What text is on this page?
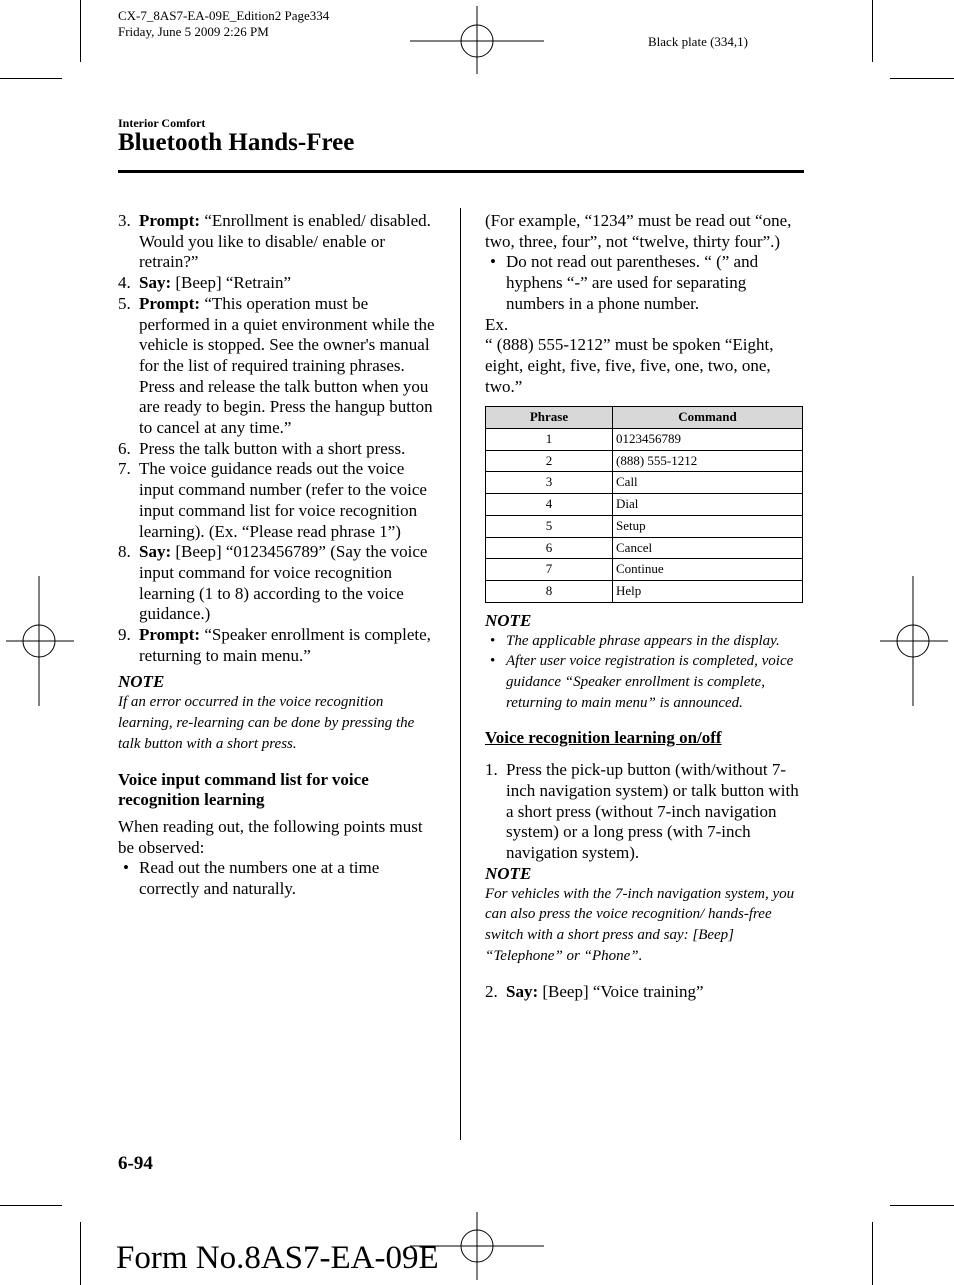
CX-7_8AS7-EA-09E_Edition2 Page334
Friday, June 5 2009 2:26 PM
Black plate (334,1)
Interior Comfort
Bluetooth Hands-Free
3. Prompt: “Enrollment is enabled/ disabled. Would you like to disable/ enable or retrain?”
4. Say: [Beep] “Retrain”
5. Prompt: “This operation must be performed in a quiet environment while the vehicle is stopped. See the owner's manual for the list of required training phrases. Press and release the talk button when you are ready to begin. Press the hangup button to cancel at any time.”
6. Press the talk button with a short press.
7. The voice guidance reads out the voice input command number (refer to the voice input command list for voice recognition learning). (Ex. “Please read phrase 1”)
8. Say: [Beep] “0123456789” (Say the voice input command for voice recognition learning (1 to 8) according to the voice guidance.)
9. Prompt: “Speaker enrollment is complete, returning to main menu.”
NOTE
If an error occurred in the voice recognition learning, re-learning can be done by pressing the talk button with a short press.
Voice input command list for voice recognition learning
When reading out, the following points must be observed:
• Read out the numbers one at a time correctly and naturally.
(For example, “1234” must be read out “one, two, three, four”, not “twelve, thirty four”.)
• Do not read out parentheses. “ (” and hyphens “-” are used for separating numbers in a phone number.
Ex.
“ (888) 555-1212” must be spoken “Eight, eight, eight, five, five, five, one, two, one, two.”
Phrase	Command
1	0123456789
2	(888) 555-1212
3	Call
4	Dial
5	Setup
6	Cancel
7	Continue
8	Help
NOTE
• The applicable phrase appears in the display.
• After user voice registration is completed, voice guidance “Speaker enrollment is complete, returning to main menu” is announced.
Voice recognition learning on/off
1. Press the pick-up button (with/without 7-inch navigation system) or talk button with a short press (without 7-inch navigation system) or a long press (with 7-inch navigation system).
NOTE
For vehicles with the 7-inch navigation system, you can also press the voice recognition/ hands-free switch with a short press and say: [Beep] “Telephone” or “Phone”.
2. Say: [Beep] “Voice training”
6-94
Form No.8AS7-EA-09E
